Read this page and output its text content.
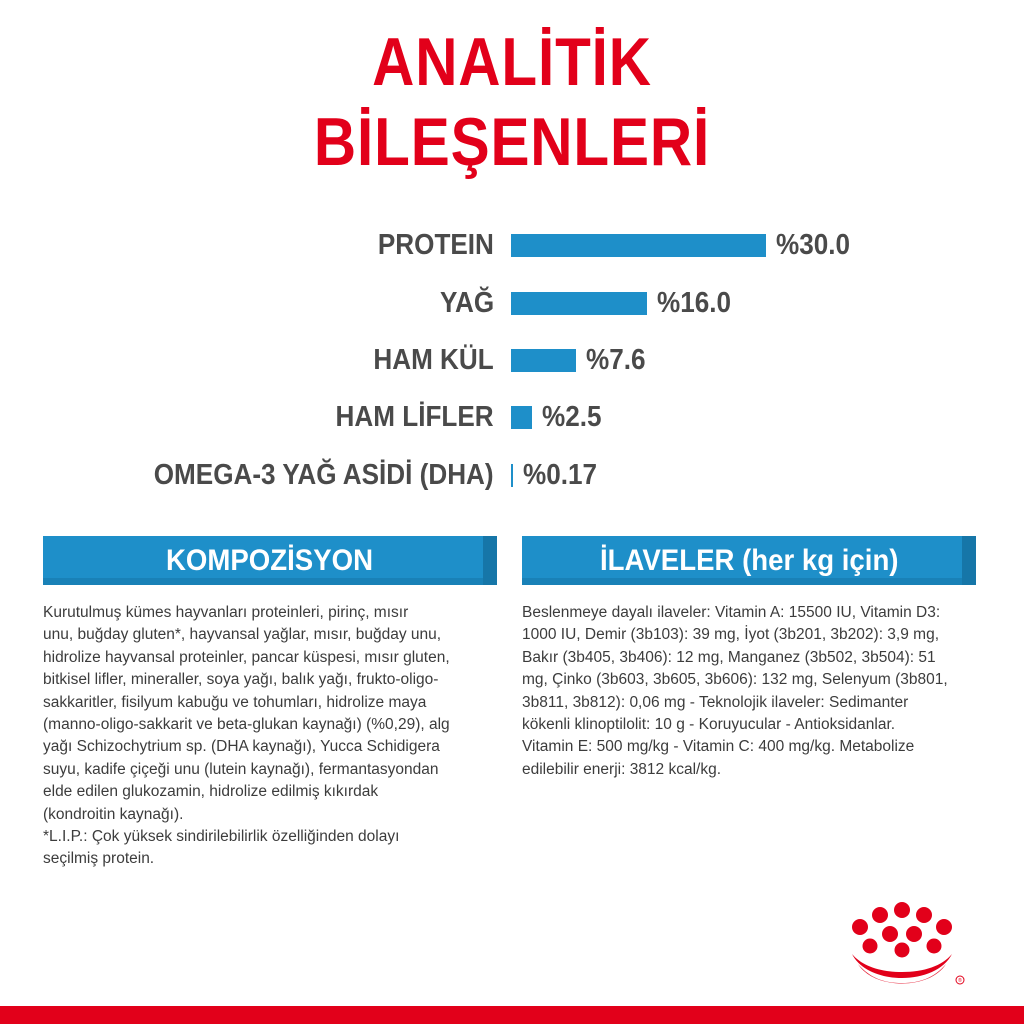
ANALİTİK
BİLEŞENLERİ
PROTEIN	%30.0
YAĞ	%16.0
HAM KÜL	%7.6
HAM LİFLER %2.5
OMEGA-3 YAĞ ASİDİ (DHA) %0.17
KOMPOZİSYON
Kurutulmuş kümes hayvanları proteinleri, pirinç, mısır
unu, buğday gluten*, hayvansal yağlar, mısır, buğday unu,
hidrolize hayvansal proteinler, pancar küspesi, mısır gluten,
bitkisel lifler, mineraller, soya yağı, balık yağı, frukto-oligo-
sakkaritler, fisilyum kabuğu ve tohumları, hidrolize maya
(manno-oligo-sakkarit ve beta-glukan kaynağı) (%0,29), alg
yağı Schizochytrium sp. (DHA kaynağı), Yucca Schidigera
suyu, kadife çiçeği unu (lutein kaynağı), fermantasyondan
elde edilen glukozamin, hidrolize edilmiş kıkırdak
(kondroitin kaynağı).
*L.I.P.: Çok yüksek sindirilebilirlik özelliğinden dolayı
seçilmiş protein.
İLAVELER (her kg için)
Beslenmeye dayalı ilaveler: Vitamin A: 15500 IU, Vitamin D3:
1000 IU, Demir (3b103): 39 mg, İyot (3b201, 3b202): 3,9 mg,
Bakır (3b405, 3b406): 12 mg, Manganez (3b502, 3b504): 51
mg, Çinko (3b603, 3b605, 3b606): 132 mg, Selenyum (3b801,
3b811, 3b812): 0,06 mg - Teknolojik ilaveler: Sedimanter
kökenli klinoptilolit: 10 g - Koruyucular - Antioksidanlar.
Vitamin E: 500 mg/kg - Vitamin C: 400 mg/kg. Metabolize
edilebilir enerji: 3812 kcal/kg.
®
